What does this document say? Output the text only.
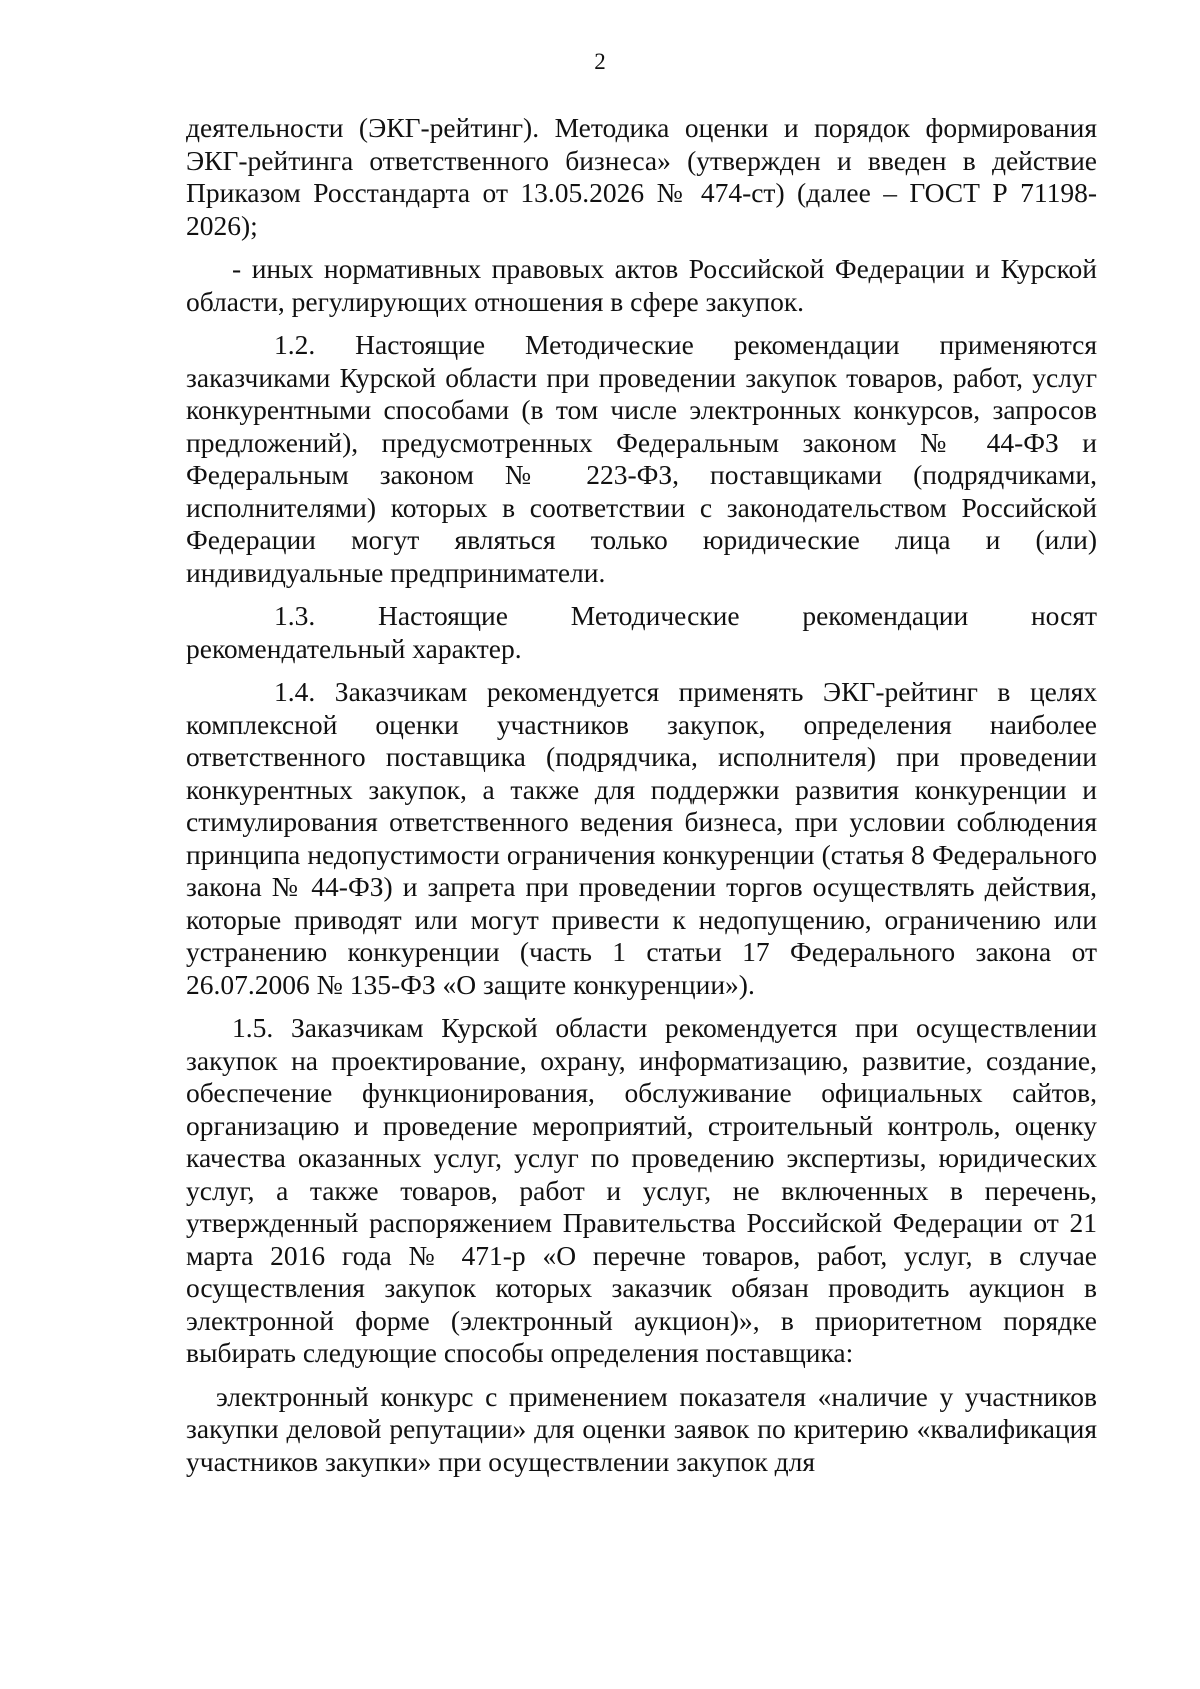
2

деятельности (ЭКГ-рейтинг). Методика оценки и порядок формирования ЭКГ-рейтинга ответственного бизнеса» (утвержден и введен в действие Приказом Росстандарта от 13.05.2026 № 474-ст) (далее – ГОСТ Р 71198-2026);

- иных нормативных правовых актов Российской Федерации и Курской области, регулирующих отношения в сфере закупок.

1.2. Настоящие Методические рекомендации применяются заказчиками Курской области при проведении закупок товаров, работ, услуг конкурентными способами (в том числе электронных конкурсов, запросов предложений), предусмотренных Федеральным законом № 44-ФЗ и Федеральным законом № 223-ФЗ, поставщиками (подрядчиками, исполнителями) которых в соответствии с законодательством Российской Федерации могут являться только юридические лица и (или) индивидуальные предприниматели.

1.3. Настоящие Методические рекомендации носят рекомендательный характер.

1.4. Заказчикам рекомендуется применять ЭКГ-рейтинг в целях комплексной оценки участников закупок, определения наиболее ответственного поставщика (подрядчика, исполнителя) при проведении конкурентных закупок, а также для поддержки развития конкуренции и стимулирования ответственного ведения бизнеса, при условии соблюдения принципа недопустимости ограничения конкуренции (статья 8 Федерального закона № 44-ФЗ) и запрета при проведении торгов осуществлять действия, которые приводят или могут привести к недопущению, ограничению или устранению конкуренции (часть 1 статьи 17 Федерального закона от 26.07.2006 № 135-ФЗ «О защите конкуренции»).

1.5. Заказчикам Курской области рекомендуется при осуществлении закупок на проектирование, охрану, информатизацию, развитие, создание, обеспечение функционирования, обслуживание официальных сайтов, организацию и проведение мероприятий, строительный контроль, оценку качества оказанных услуг, услуг по проведению экспертизы, юридических услуг, а также товаров, работ и услуг, не включенных в перечень, утвержденный распоряжением Правительства Российской Федерации от 21 марта 2016 года № 471-р «О перечне товаров, работ, услуг, в случае осуществления закупок которых заказчик обязан проводить аукцион в электронной форме (электронный аукцион)», в приоритетном порядке выбирать следующие способы определения поставщика:

электронный конкурс с применением показателя «наличие у участников закупки деловой репутации» для оценки заявок по критерию «квалификация участников закупки» при осуществлении закупок для
